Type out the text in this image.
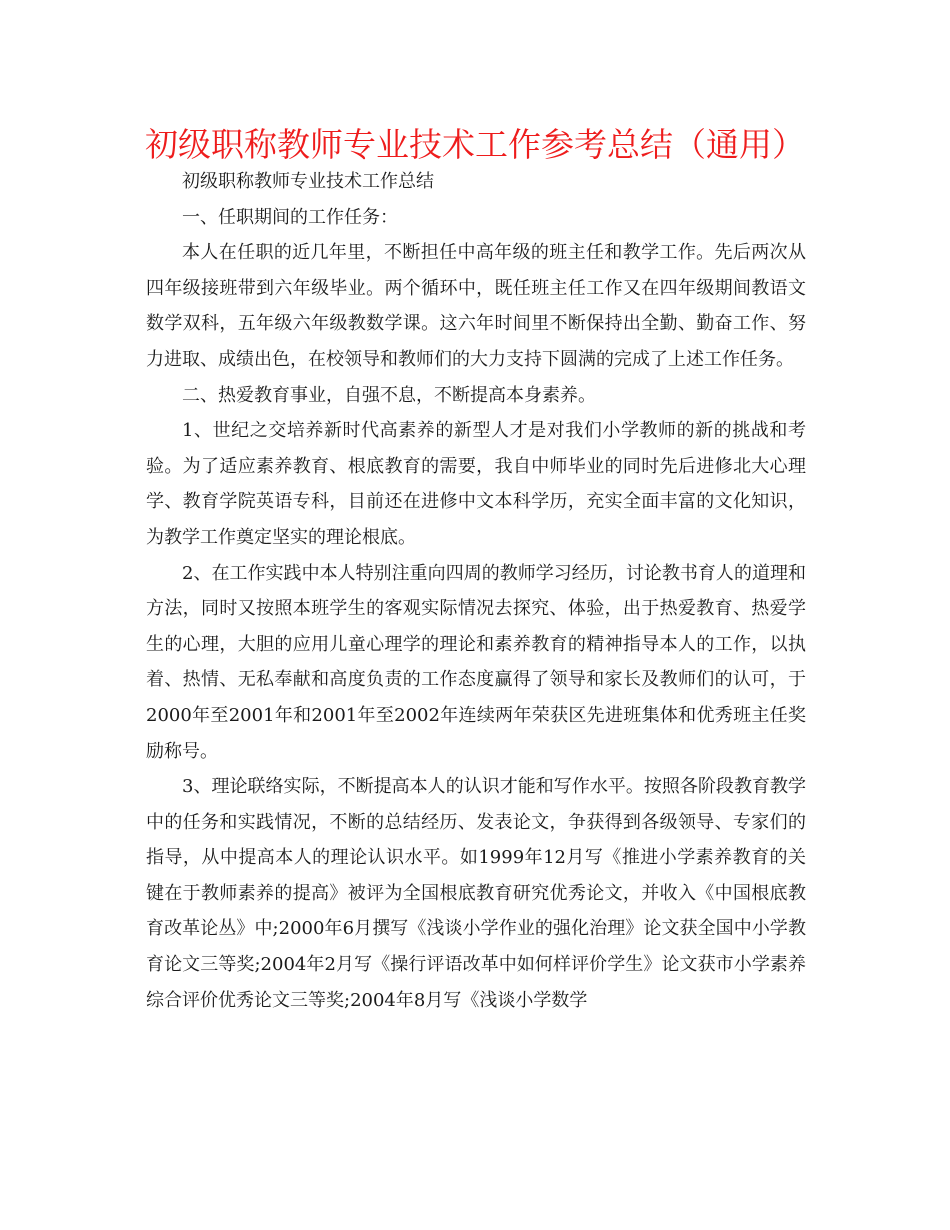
初级职称教师专业技术工作参考总结（通用）

初级职称教师专业技术工作总结

一、任职期间的工作任务：

本人在任职的近几年里，不断担任中高年级的班主任和教学工作。先后两次从四年级接班带到六年级毕业。两个循环中，既任班主任工作又在四年级期间教语文数学双科，五年级六年级教数学课。这六年时间里不断保持出全勤、勤奋工作、努力进取、成绩出色，在校领导和教师们的大力支持下圆满的完成了上述工作任务。

二、热爱教育事业，自强不息，不断提高本身素养。

1、世纪之交培养新时代高素养的新型人才是对我们小学教师的新的挑战和考验。为了适应素养教育、根底教育的需要，我自中师毕业的同时先后进修北大心理学、教育学院英语专科，目前还在进修中文本科学历，充实全面丰富的文化知识，为教学工作奠定坚实的理论根底。

2、在工作实践中本人特别注重向四周的教师学习经历，讨论教书育人的道理和方法，同时又按照本班学生的客观实际情况去探究、体验，出于热爱教育、热爱学生的心理，大胆的应用儿童心理学的理论和素养教育的精神指导本人的工作，以执着、热情、无私奉献和高度负责的工作态度赢得了领导和家长及教师们的认可，于2000年至2001年和2001年至2002年连续两年荣获区先进班集体和优秀班主任奖励称号。

3、理论联络实际，不断提高本人的认识才能和写作水平。按照各阶段教育教学中的任务和实践情况，不断的总结经历、发表论文，争获得到各级领导、专家们的指导，从中提高本人的理论认识水平。如1999年12月写《推进小学素养教育的关键在于教师素养的提高》被评为全国根底教育研究优秀论文，并收入《中国根底教育改革论丛》中;2000年6月撰写《浅谈小学作业的强化治理》论文获全国中小学教育论文三等奖;2004年2月写《操行评语改革中如何样评价学生》论文获市小学素养综合评价优秀论文三等奖;2004年8月写《浅谈小学数学
